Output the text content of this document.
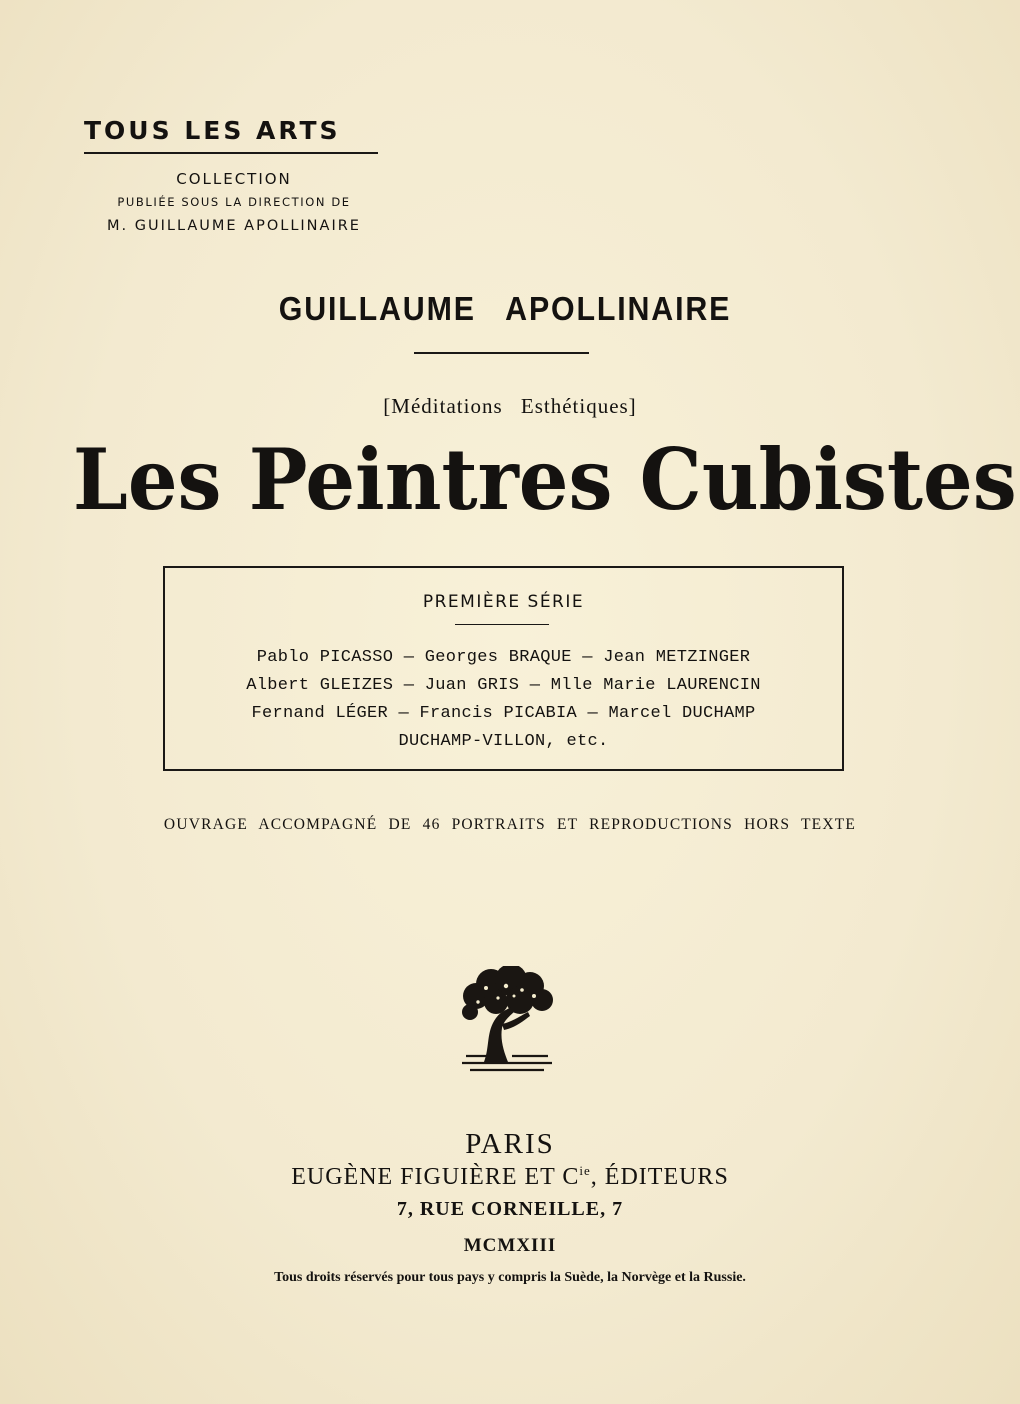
TOUS LES ARTS
COLLECTION
PUBLIÉE SOUS LA DIRECTION DE
M. GUILLAUME APOLLINAIRE
GUILLAUME APOLLINAIRE
[Méditations Esthétiques]
Les Peintres Cubistes
PREMIÈRE SÉRIE
Pablo PICASSO — Georges BRAQUE — Jean METZINGER
Albert GLEIZES — Juan GRIS — Mlle Marie LAURENCIN
Fernand LÉGER — Francis PICABIA — Marcel DUCHAMP
DUCHAMP-VILLON, etc.
OUVRAGE ACCOMPAGNÉ DE 46 PORTRAITS ET REPRODUCTIONS HORS TEXTE
PARIS
EUGÈNE FIGUIÈRE ET $C^{ie}$, ÉDITEURS
7, RUE CORNEILLE, 7
MCMXIII
Tous droits réservés pour tous pays y compris la Suède, la Norvège et la Russie.
